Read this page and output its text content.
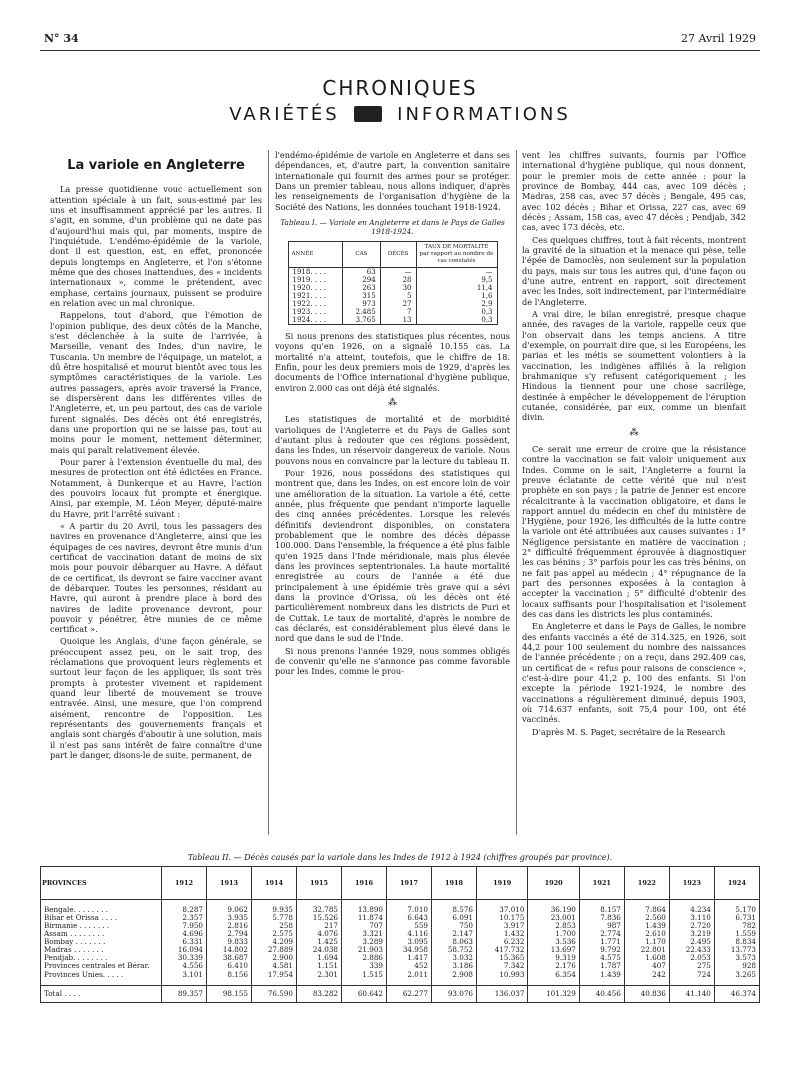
N° 34	27 Avril 1929
CHRONIQUES
VARIÉTÉS	INFORMATIONS
La variole en Angleterre

La presse quotidienne vouc actuellement son attention spéciale à un fait, sous-estimé par les uns et insuffisamment apprécié par les autres. Il s'agit, en somme, d'un problème qui ne date pas d'aujourd'hui mais qui, par moments, inspire de l'inquiétude. L'endémo-épidémie de la variole, dont il est question, est, en effet, prononcée depuis longtemps en Angleterre, et l'on s'étonne même que des choses inattendues, des « incidents internationaux », comme le prétendent, avec emphase, certains journaux, puissent se produire en relation avec un mal chronique.

Rappelons, tout d'abord, que l'émotion de l'opinion publique, des deux côtés de la Manche, s'est déclenchée à la suite de l'arrivée, à Marseille, venant des Indes, d'un navire, le Tuscania. Un membre de l'équipage, un matelot, a dû être hospitalisé et mourut bientôt avec tous les symptômes caractéristiques de la variole. Les autres passagers, après avoir traversé la France, se dispersèrent dans les différentes villes de l'Angleterre, et, un peu partout, des cas de variole furent signalés. Des décès ont été enregistrés, dans une proportion qui ne se laisse pas, tout au moins pour le moment, nettement déterminer, mais qui paraît relativement élevée.

Pour parer à l'extension éventuelle du mal, des mesures de protection ont été édictées en France. Notamment, à Dunkerque et au Havre, l'action des pouvoirs locaux fut prompte et énergique. Ainsi, par exemple, M. Léon Meyer, député-maire du Havre, prit l'arrêté suivant :

« A partir du 20 Avril, tous les passagers des navires en provenance d'Angleterre, ainsi que les équipages de ces navires, devront être munis d'un certificat de vaccination datant de moins de six mois pour pouvoir débarquer au Havre. A défaut de ce certificat, ils devront se faire vacciner avant de débarquer. Toutes les personnes, résidant au Havre, qui auront à prendre place à bord des navires de ladite provenance devront, pour pouvoir y pénétrer, être munies de ce même certificat ».

Quoique les Anglais, d'une façon générale, se préoccupent assez peu, on le sait trop, des réclamations que provoquent leurs règlements et surtout leur façon de les appliquer, ils sont très prompts à protester vivement et rapidement quand leur liberté de mouvement se trouve entravée. Ainsi, une mesure, que l'on comprend aisément, rencontre de l'opposition. Les représentants des gouvernements français et anglais sont chargés d'aboutir à une solution, mais il n'est pas sans intérêt de faire connaître d'une part le danger, disons-le de suite, permanent, de

l'endémo-épidémie de variole en Angleterre et dans ses dépendances, et, d'autre part, la convention sanitaire internationale qui fournit des armes pour se protéger. Dans un premier tableau, nous allons indiquer, d'après les renseignements de l'organisation d'hygiène de la Société des Nations, les données touchant 1918-1924.

Tableau I. — Variole en Angleterre et dans le Pays de Galles 1918-1924.
ANNÉE	CAS	DÉCÈS	TAUX DE MORTALITÉ par rapport au nombre de cas constatés
1918. . . .	63	—	—
1919. . . .	294	28	9,5
1920. . . .	263	30	11,4
1921. . . .	315	5	1,6
1922. . . .	973	27	2,9
1923. . . .	2.485	7	0,3
1924. . . .	3.765	13	0,3

Si nous prenons des statistiques plus récentes, nous voyons qu'en 1926, on a signalé 10.155 cas. La mortalité n'a atteint, toutefois, que le chiffre de 18. Enfin, pour les deux premiers mois de 1929, d'après les documents de l'Office international d'hygiène publique, environ 2.000 cas ont déjà été signalés.

⁂

Les statistiques de mortalité et de morbidité varioliques de l'Angleterre et du Pays de Galles sont d'autant plus à redouter que ces régions possèdent, dans les Indes, un réservoir dangereux de variole. Nous pouvons nous en convaincre par la lecture du tableau II.

Pour 1926, nous possédons des statistiques qui montrent que, dans les Indes, on est encore loin de voir une amélioration de la situation. La variole a été, cette année, plus fréquente que pendant n'importe laquelle des cinq années précédentes. Lorsque les relevés définitifs deviendront disponibles, on constatera probablement que le nombre des décès dépasse 100.000. Dans l'ensemble, la fréquence a été plus faible qu'en 1925 dans l'Inde méridionale, mais plus élevée dans les provinces septentrionales. La haute mortalité enregistrée au cours de l'année a été due principalement à une épidémie très grave qui a sévi dans la province d'Orissa, où les décès ont été particulièrement nombreux dans les districts de Puri et de Cuttak. Le taux de mortalité, d'après le nombre de cas déclarés, est considérablement plus élevé dans le nord que dans le sud de l'Inde.

Si nous prenons l'année 1929, nous sommes obligés de convenir qu'elle ne s'annonce pas comme favorable pour les Indes, comme le prou-

vent les chiffres suivants, fournis par l'Office international d'hygiène publique, qui nous donnent, pour le premier mois de cette année : pour la province de Bombay, 444 cas, avec 109 décès ; Madras, 258 cas, avec 57 décès ; Bengale, 495 cas, avec 102 décès ; Bihar et Orissa, 227 cas, avec 69 décès ; Assam, 158 cas, avec 47 décès ; Pendjab, 342 cas, avec 173 décès, etc.

Ces quelques chiffres, tout à fait récents, montrent la gravité de la situation et la menace qui pèse, telle l'épée de Damoclès, non seulement sur la population du pays, mais sur tous les autres qui, d'une façon ou d'une autre, entrent en rapport, soit directement avec les Indes, soit indirectement, par l'intermédiaire de l'Angleterre.

A vrai dire, le bilan enregistré, presque chaque année, des ravages de la variole, rappelle ceux que l'on observait dans les temps anciens. A titre d'exemple, on pourrait dire que, si les Européens, les parias et les métis se soumettent volontiers à la vaccination, les indigènes affiliés à la religion brahmanique s'y refusent catégoriquement ; les Hindous la tiennent pour une chose sacrilège, destinée à empêcher le développement de l'éruption cutanée, considérée, par eux, comme un bienfait divin.

⁂

Ce serait une erreur de croire que la résistance contre la vaccination se fait valoir uniquement aux Indes. Comme on le sait, l'Angleterre a fourni la preuve éclatante de cette vérité que nul n'est prophète en son pays ; la patrie de Jenner est encore récalcitrante à la vaccination obligatoire, et dans le rapport annuel du médecin en chef du ministère de l'Hygiène, pour 1926, les difficultés de la lutte contre la variole ont été attribuées aux causes suivantes : 1° Négligence persistante en matière de vaccination ; 2° difficulté fréquemment éprouvée à diagnostiquer les cas bénins ; 3° parfois pour les cas très bénins, on ne fait pas appel au médecin ; 4° répugnance de la part des personnes exposées à la contagion à accepter la vaccination ; 5° difficulté d'obtenir des locaux suffisants pour l'hospitalisation et l'isolement des cas dans les districts les plus contaminés.

En Angleterre et dans le Pays de Galles, le nombre des enfants vaccinés a été de 314.325, en 1926, soit 44,2 pour 100 seulement du nombre des naissances de l'année précédente ; on a reçu, dans 292.409 cas, un certificat de « refus pour raisons de conscience », c'est-à-dire pour 41,2 p. 100 des enfants. Si l'on excepte la période 1921-1924, le nombre des vaccinations a régulièrement diminué, depuis 1903, où 714.637 enfants, soit 75,4 pour 100, ont été vaccinés.

D'après M. S. Paget, secrétaire de la Research

Tableau II. — Décès causés par la variole dans les Indes de 1912 à 1924 (chiffres groupés par province).
PROVINCES	1912	1913	1914	1915	1916	1917	1918	1919	1920	1921	1922	1923	1924

Bengale. . . . . . . .	8.287	9.062	9.935	32.785	13.890	7.010	8.576	37.010	36.190	8.157	7.864	4.234	5.170
Bihar et Orissa . . . .	2.357	3.935	5.778	15.526	11.874	6.643	6.091	10.175	23.001	7.836	2.560	3.110	6.731
Birmanie . . . . . . .	7.950	2.816	258	217	707	559	750	3.917	2.853	987	1.439	2.720	782
Assam . . . . . . . .	4.696	2.794	2.575	4.076	3.321	4.116	2.147	1.432	1.700	2.774	2.610	3.219	1.559
Bombay . . . . . . .	6.331	9.833	4.209	1.425	3.289	3.095	8.063	6.232	3.536	1.771	1.170	2.495	8.834
Madras . . . . . . .	16.094	14.802	27.889	24.038	21.903	34.958	58.752	417.732	13.697	9.792	22.801	22.433	13.773
Pendjab. . . . . . . .	30.339	38.687	2.900	1.694	2.886	1.417	3.032	15.365	9.319	4.575	1.608	2.053	3.573
Provinces centrales et Bérar.	4.556	6.410	4.581	1.151	339	452	3.186	7.342	2.176	1.787	407	275	928
Provinces Unies. . . . .	3.101	8.156	17.954	2.301	1.515	2.011	2.908	10.993	6.354	1.439	242	724	3.265

Total . . . .	89.357	98.155	76.590	83.282	60.642	62.277	93.076	136.037	101.329	40.456	40.836	41.140	46.374
